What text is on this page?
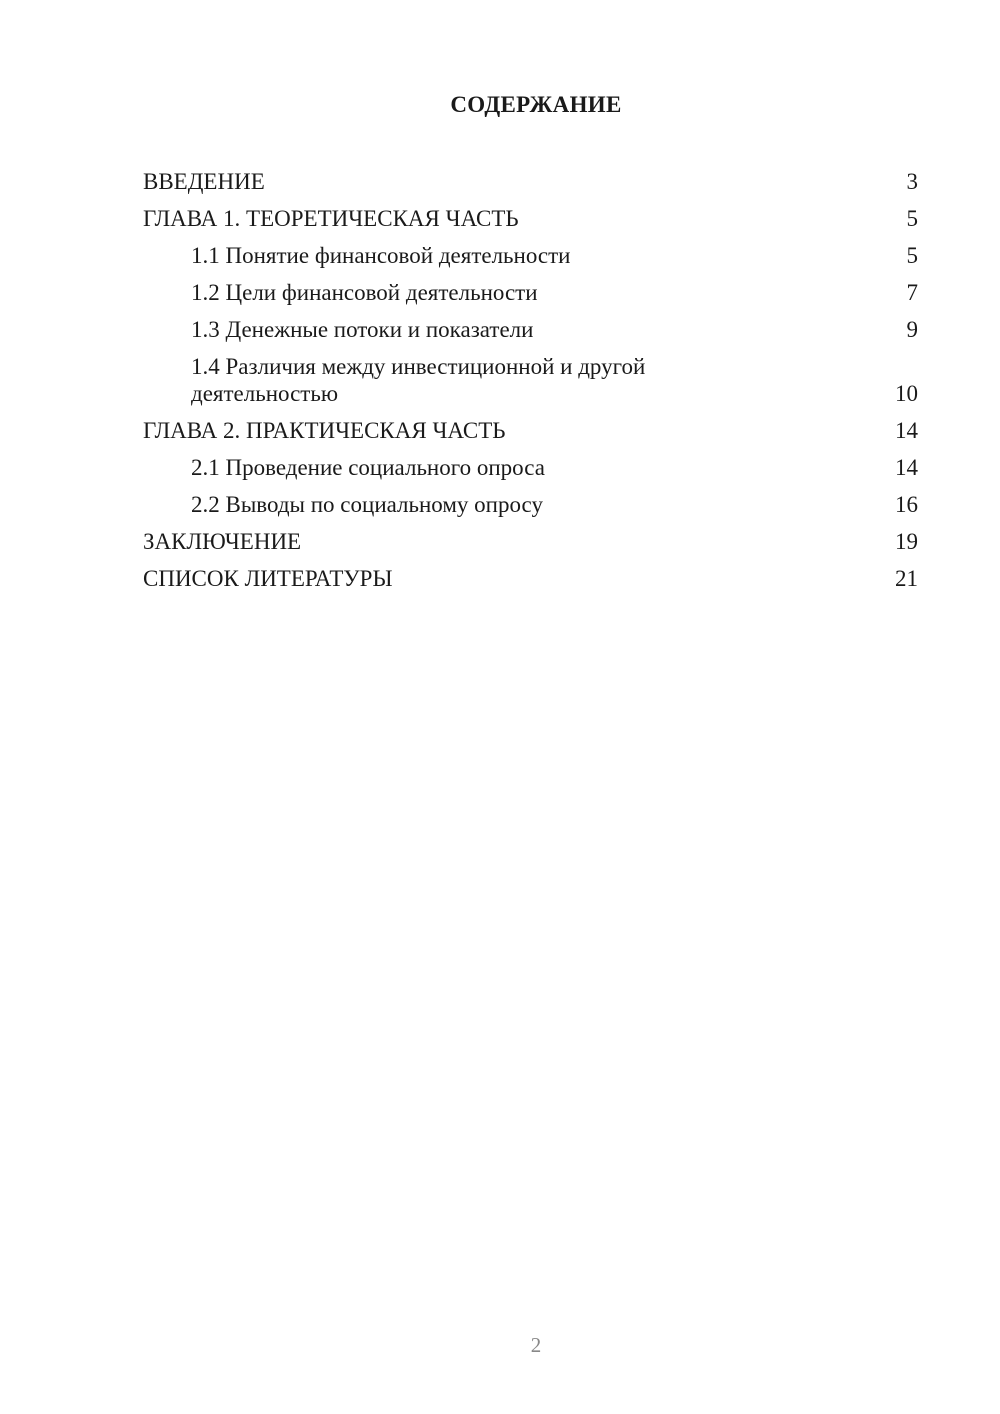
СОДЕРЖАНИЕ
ВВЕДЕНИЕ	3
ГЛАВА 1. ТЕОРЕТИЧЕСКАЯ ЧАСТЬ	5
1.1 Понятие финансовой деятельности	5
1.2 Цели финансовой деятельности	7
1.3 Денежные потоки и показатели	9
1.4 Различия между инвестиционной и другой деятельностью	10
ГЛАВА 2. ПРАКТИЧЕСКАЯ ЧАСТЬ	14
2.1 Проведение социального опроса	14
2.2 Выводы по социальному опросу	16
ЗАКЛЮЧЕНИЕ	19
СПИСОК ЛИТЕРАТУРЫ	21
2
